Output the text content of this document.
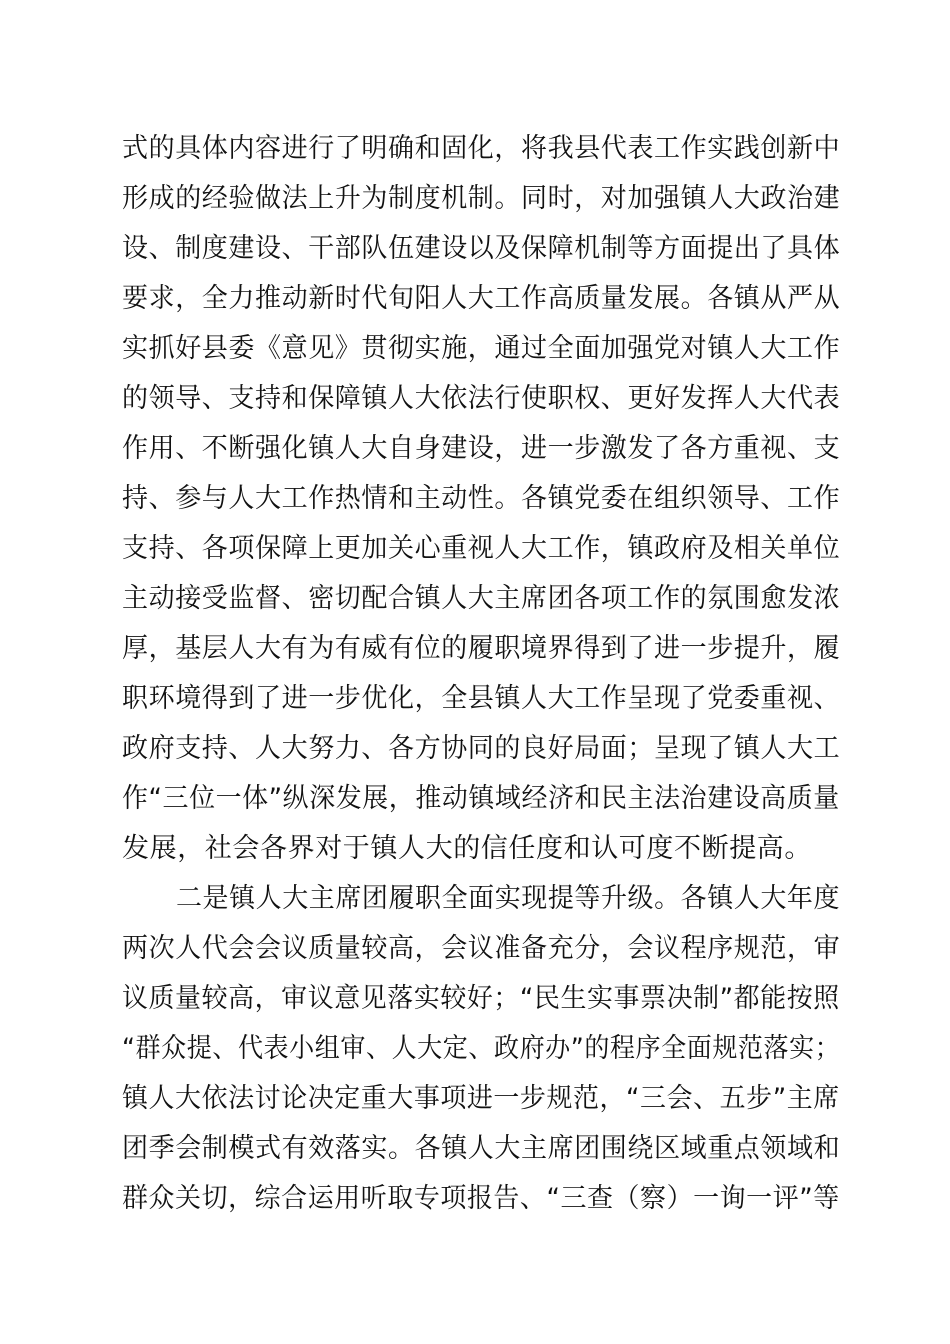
式的具体内容进行了明确和固化，将我县代表工作实践创新中
形成的经验做法上升为制度机制。同时，对加强镇人大政治建
设、制度建设、干部队伍建设以及保障机制等方面提出了具体
要求，全力推动新时代旬阳人大工作高质量发展。各镇从严从
实抓好县委《意见》贯彻实施，通过全面加强党对镇人大工作
的领导、支持和保障镇人大依法行使职权、更好发挥人大代表
作用、不断强化镇人大自身建设，进一步激发了各方重视、支
持、参与人大工作热情和主动性。各镇党委在组织领导、工作
支持、各项保障上更加关心重视人大工作，镇政府及相关单位
主动接受监督、密切配合镇人大主席团各项工作的氛围愈发浓
厚，基层人大有为有威有位的履职境界得到了进一步提升，履
职环境得到了进一步优化，全县镇人大工作呈现了党委重视、
政府支持、人大努力、各方协同的良好局面；呈现了镇人大工
作“三位一体”纵深发展，推动镇域经济和民主法治建设高质量
发展，社会各界对于镇人大的信任度和认可度不断提高。
二是镇人大主席团履职全面实现提等升级。各镇人大年度
两次人代会会议质量较高，会议准备充分，会议程序规范，审
议质量较高，审议意见落实较好；“民生实事票决制”都能按照
“群众提、代表小组审、人大定、政府办”的程序全面规范落实；
镇人大依法讨论决定重大事项进一步规范，“三会、五步”主席
团季会制模式有效落实。各镇人大主席团围绕区域重点领域和
群众关切，综合运用听取专项报告、“三查（察）一询一评”等
